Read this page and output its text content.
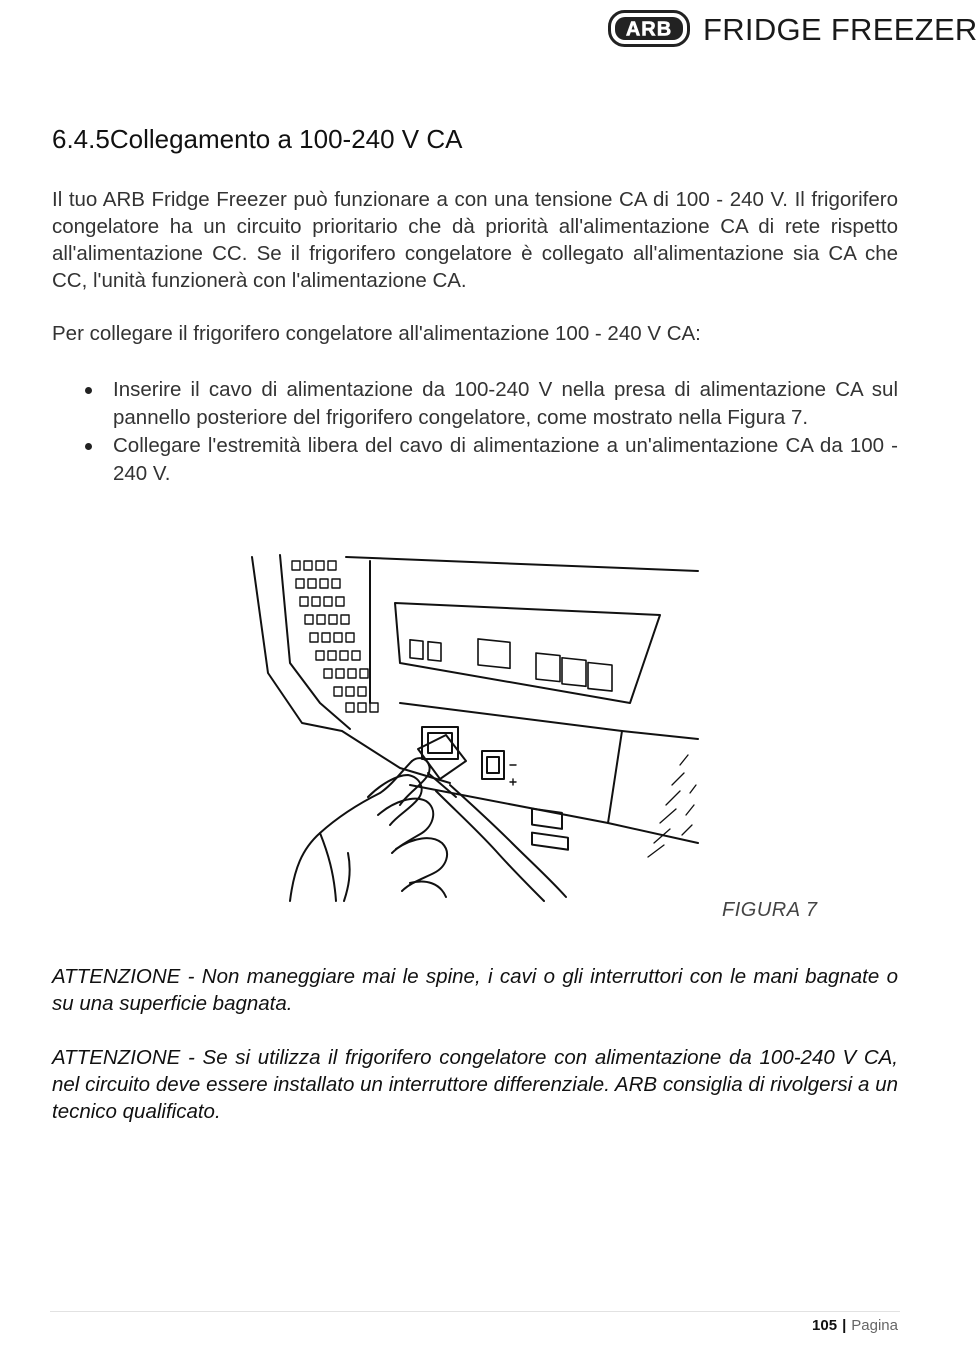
ARB FRIDGE FREEZER
6.4.5Collegamento a 100-240 V CA

Il tuo ARB Fridge Freezer può funzionare a con una tensione CA di 100 - 240 V. Il frigorifero congelatore ha un circuito prioritario che dà priorità all'alimentazione CA di rete rispetto all'alimentazione CC. Se il frigorifero congelatore è collegato all'alimentazione sia CA che CC, l'unità funzionerà con l'alimentazione CA.

Per collegare il frigorifero congelatore all'alimentazione 100 - 240 V CA:

Inserire il cavo di alimentazione da 100-240 V nella presa di alimentazione CA sul pannello posteriore del frigorifero congelatore, come mostrato nella Figura 7.
Collegare l'estremità libera del cavo di alimentazione a un'alimentazione CA da 100 - 240 V.
FIGURA 7

ATTENZIONE - Non maneggiare mai le spine, i cavi o gli interruttori con le mani bagnate o su una superficie bagnata.

ATTENZIONE - Se si utilizza il frigorifero congelatore con alimentazione da 100-240 V CA, nel circuito deve essere installato un interruttore differenziale. ARB consiglia di rivolgersi a un tecnico qualificato.

105 | Pagina
